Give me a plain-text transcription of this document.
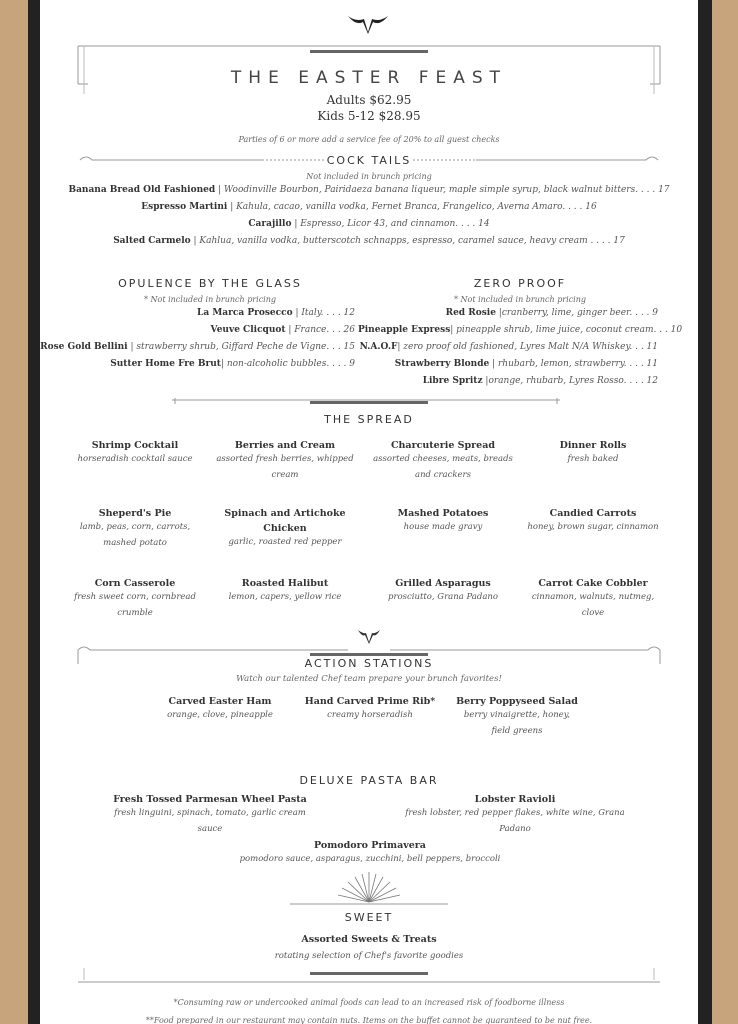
THE EASTER FEAST
Adults $62.95
Kids 5-12 $28.95
Parties of 6 or more add a service fee of 20% to all guest checks
COCK TAILS
Not included in brunch pricing
Banana Bread Old Fashioned | Woodinville Bourbon, Pairidaeza banana liqueur, maple simple syrup, black walnut bitters. . . . 17
Espresso Martini | Kahula, cacao, vanilla vodka, Fernet Branca, Frangelico, Averna Amaro. . . . 16
Carajillo | Espresso, Licor 43, and cinnamon. . . . 14
Salted Carmelo | Kahlua, vanilla vodka, butterscotch schnapps, espresso, caramel sauce, heavy cream . . . . 17
OPULENCE BY THE GLASS
* Not included in brunch pricing
La Marca Prosecco | Italy. . . . 12
Veuve Clicquot | France. . . 26
Rose Gold Bellini | strawberry shrub, Giffard Peche de Vigne. . . 15
Sutter Home Fre Brut| non-alcoholic bubbles. . . . 9
ZERO PROOF
* Not included in brunch pricing
Red Rosie |cranberry, lime, ginger beer. . . . 9
Pineapple Express| pineapple shrub, lime juice, coconut cream. . . 10
N.A.O.F| zero proof old fashioned, Lyres Malt N/A Whiskey. . . 11
Strawberry Blonde | rhubarb, lemon, strawberry. . . . 11
Libre Spritz |orange, rhubarb, Lyres Rosso. . . . 12
THE SPREAD
Shrimp Cocktail
horseradish cocktail sauce
Berries and Cream
assorted fresh berries, whipped
cream
Charcuterie Spread
assorted cheeses, meats, breads
and crackers
Dinner Rolls
fresh baked
Sheperd's Pie
lamb, peas, corn, carrots,
mashed potato
Spinach and Artichoke
Chicken
garlic, roasted red pepper
Mashed Potatoes
house made gravy
Candied Carrots
honey, brown sugar, cinnamon
Corn Casserole
fresh sweet corn, cornbread
crumble
Roasted Halibut
lemon, capers, yellow rice
Grilled Asparagus
prosciutto, Grana Padano
Carrot Cake Cobbler
cinnamon, walnuts, nutmeg,
clove
ACTION STATIONS
Watch our talented Chef team prepare your brunch favorites!
Carved Easter Ham
orange, clove, pineapple
Hand Carved Prime Rib*
creamy horseradish
Berry Poppyseed Salad
berry vinaigrette, honey,
field greens
DELUXE PASTA BAR
Fresh Tossed Parmesan Wheel Pasta
fresh linguini, spinach, tomato, garlic cream sauce
Lobster Ravioli
fresh lobster, red pepper flakes, white wine, Grana Padano
Pomodoro Primavera
pomodoro sauce, asparagus, zucchini, bell peppers, broccoli
SWEET
Assorted Sweets & Treats
rotating selection of Chef's favorite goodies
*Consuming raw or undercooked animal foods can lead to an increased risk of foodborne illness
**Food prepared in our restaurant may contain nuts. Items on the buffet cannot be guaranteed to be nut free.
